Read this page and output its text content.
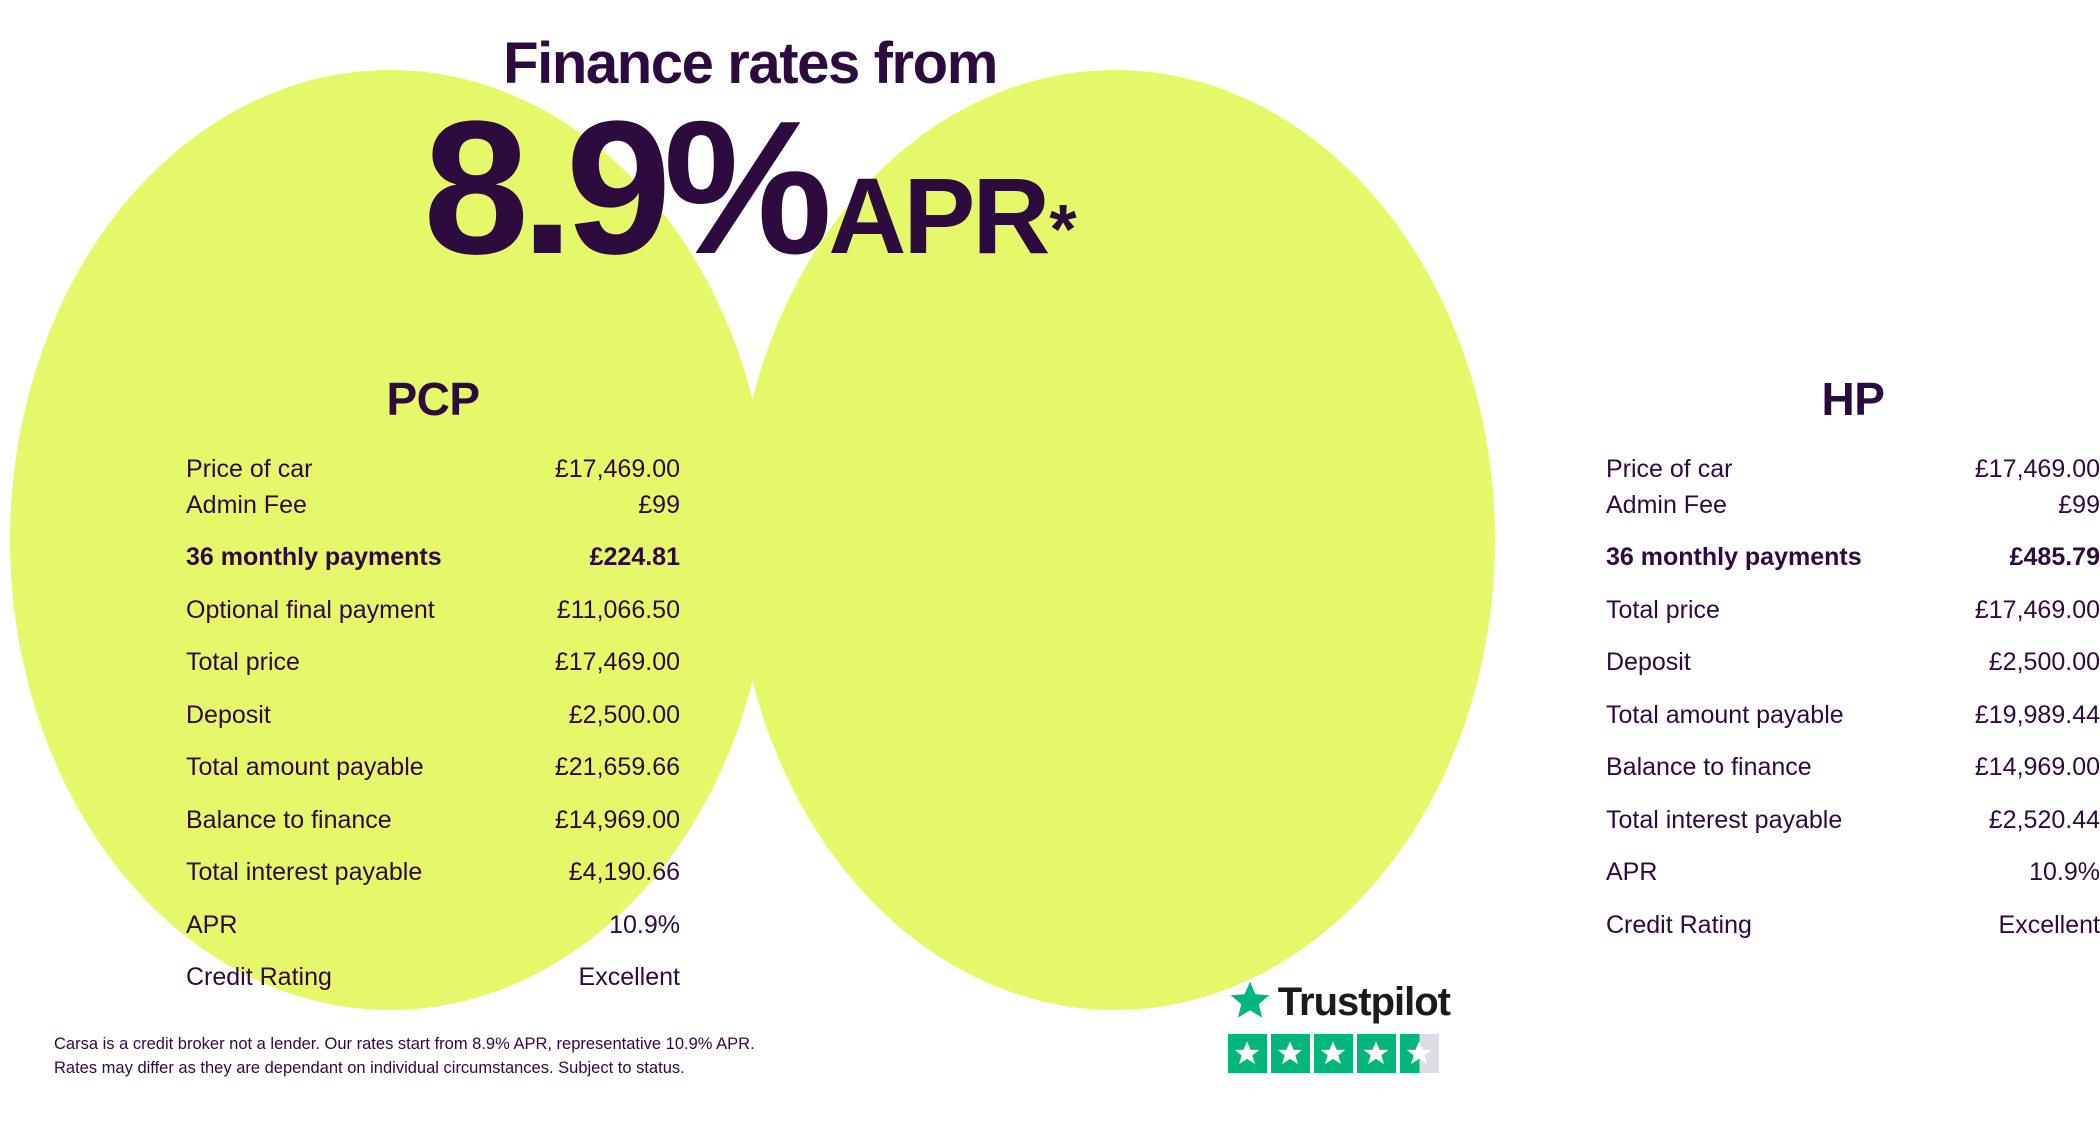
Finance rates from
8.9% APR *
PCP
Price of car	£17,469.00
Admin Fee	£99
36 monthly payments	£224.81
Optional final payment	£11,066.50
Total price	£17,469.00
Deposit	£2,500.00
Total amount payable	£21,659.66
Balance to finance	£14,969.00
Total interest payable	£4,190.66
APR	10.9%
Credit Rating	Excellent
HP
Price of car	£17,469.00
Admin Fee	£99
36 monthly payments	£485.79
Total price	£17,469.00
Deposit	£2,500.00
Total amount payable	£19,989.44
Balance to finance	£14,969.00
Total interest payable	£2,520.44
APR	10.9%
Credit Rating	Excellent
Carsa is a credit broker not a lender. Our rates start from 8.9% APR, representative 10.9% APR.
Rates may differ as they are dependant on individual circumstances. Subject to status.
Trustpilot
